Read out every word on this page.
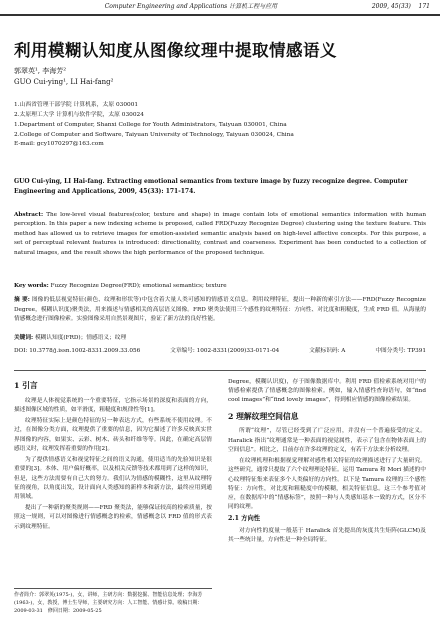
Computer Engineering and Applications 计算机工程与应用	2009, 45(33) 171
利用模糊认知度从图像纹理中提取情感语义
郭翠英¹, 李海芳²
GUO Cui-ying¹, LI Hai-fang²
1.山西省管理干部学院 计算机系，太原 030001
2.太原理工大学 计算机与软件学院，太原 030024
1.Department of Computer, Shanxi College for Youth Administrators, Taiyuan 030001, China
2.College of Computer and Software, Taiyuan University of Technology, Taiyuan 030024, China
E-mail: gcy1070297@163.com
GUO Cui-ying, LI Hai-fang. Extracting emotional semantics from texture image by fuzzy recognize degree. Computer Engineering and Applications, 2009, 45(33): 171-174.
Abstract: The low-level visual features(color, texture and shape) in image contain lots of emotional semantics information with human perception. In this paper a new indexing scheme is proposed, called FRD(Fuzzy Recognize Degree) clustering using the texture feature. This method has allowed us to retrieve images for emotion-assisted semantic analysis based on high-level affective concepts. For this purpose, a set of perceptual relevant features is introduced: directionality, contrast and coarseness. Experiment has been conducted to a collection of natural images, and the result shows the high performance of the proposed technique.
Key words: Fuzzy Recognize Degree(FRD); emotional semantics; texture
摘 要: 图像的低层视觉特征(颜色、纹理和形状等)中包含着大量人类可感知的情感语义信息。利用纹理特征，提出一种新的索引方法——FRD(Fuzzy Recognize Degree，模糊认识度)聚类法，用来描述与情感相关的高层语义图像。FRD 聚类法使用三个感性的纹理特征：方向性、对比度和粗糙度，生成 FRD 值。从海量的情感概念进行图像检索。实验图像采用自然景观图片，验证了新方法的良好性能。
关键词: 模糊认知度(FRD)；情感语义；纹理
DOI: 10.3778/j.issn.1002-8331.2009.33.056	文章编号: 1002-8331(2009)33-0171-04	文献标识码: A	中图分类号: TP391
1 引言

纹理是人体视觉系统的一个重要特征，它指示场景的深度和表面的方向，描述图像区域的性质，如平滑度，粗糙度和规律性等[1]。

纹理特征实际上是颜色特征的另一种表达方式，有些系统不使用纹理。不过，在图像分类方面，纹理提供了重要的信息，因为它描述了许多反映真实世界图像的内容，如果实、云彩、树木、砖头和纤维等等。因此，在确定高层情感语义时，纹理发挥着重要的作用[2]。

为了提供情感语义和视觉特征之间的语义沟通，使用适当的先验知识是很重要的[3]。本体、用户偏好概率，以及相关反馈等技术都用到了这样的知识，但是，这些方法需要有自己大的努力。我们认为情感的模糊性，这里从纹理特征的视角，以角度出发，设计面向人类感知的新样本和新方法，最终应用到通用领域。

提出了一种新的聚类规则——FRD 聚类法，能够保证较高的检索质量，按照这一规则，可以对图像进行情感概念的检索，情感概念以 FRD 值的形式表示到纹理特征。

Degree，模糊认识度)，存于图像数据库中。利用 FRD 值检索系统对用户的情感检索提供了情感概念的图像检索。例如，输入情感性查询语句，如“find cool images”和“find lovely images”，得到相应情感的图像检索结果。

2 理解纹理空间信息

所谓“纹理”，尽管已经受到了广泛应用，并没有一个普遍接受的定义。Haralick 指出“纹理通常是一种表面的视觉属性，表示了包含在物体表面上的空间信息”。相比之，目前存在许多纹理的定义，有若干方法来分析纹理。

在纹理机理和根据视觉理解对感性相关特征的纹理描述进行了大量研究。这些研究，通常只提取了六个纹理理论特征。运用 Tamura 和 Mori 描述的中心纹理特征集来表征多个人类偏好的方向性。以下是 Tamura 纹理的三个感性特征：方向性，对比度和粗糙度中的模糊，相关特征信息。这三个参考值对应，在数据库中的“情感标签”，按照一种与人类感知基本一致的方式，区分不同的纹理。

2.1 方向性

对方向性的度量一般基于 Haralick 首先提出的灰度共生矩阵(GLCM)及其一些统计量，方向性是一种全局特征。

作者简介：郭翠英(1975-)，女，讲师，主研方向：数据挖掘、智能信息处理；李海芳(1963-)，女，教授，博士生导师，主要研究方向：人工智能、情感计算。收稿日期：2009-03-31　修回日期：2009-05-25
